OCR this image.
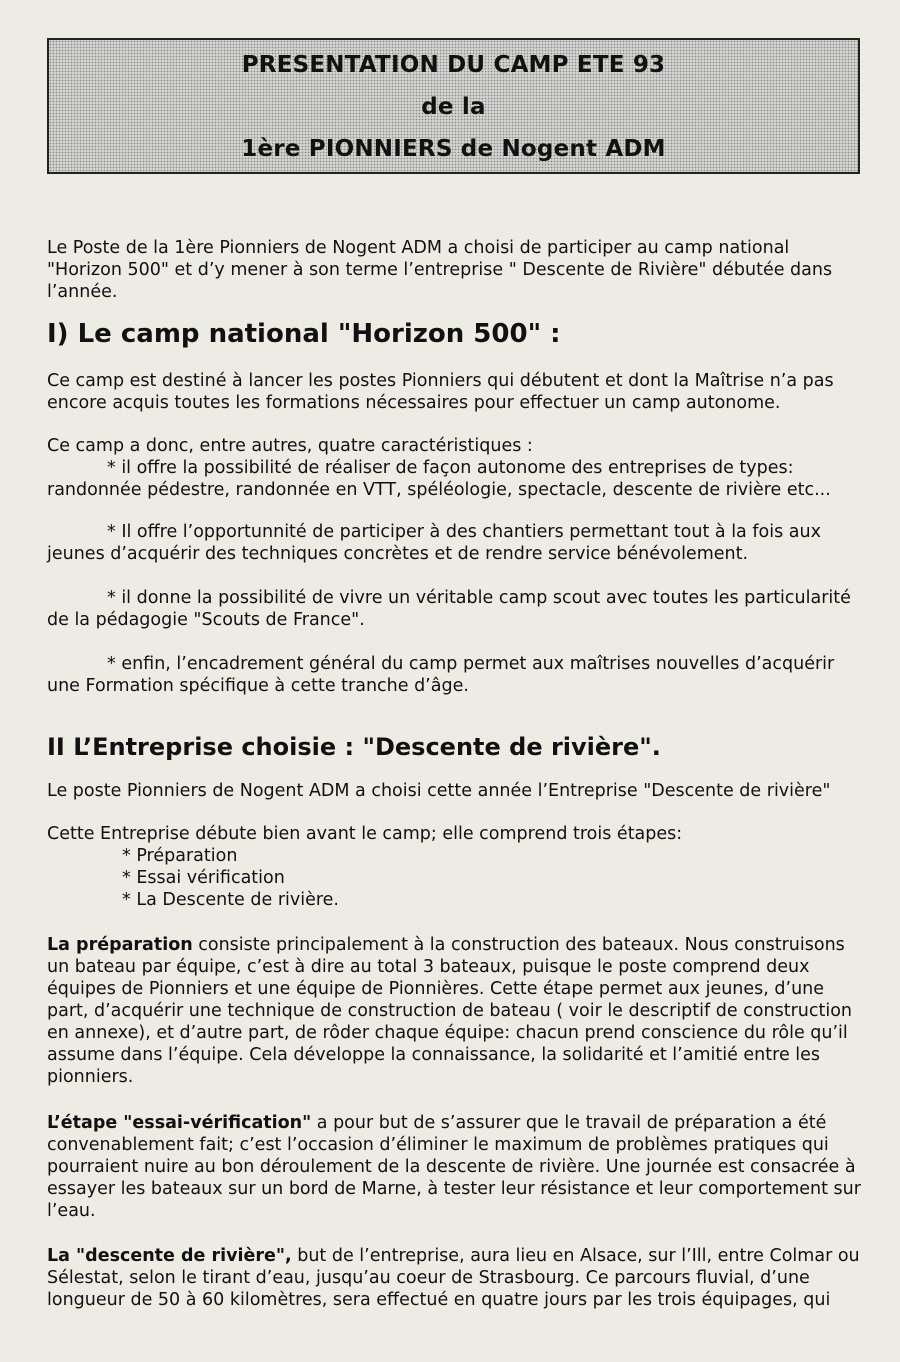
PRESENTATION DU CAMP ETE 93
de la
1ère PIONNIERS de Nogent ADM
Le Poste de la 1ère Pionniers de Nogent ADM a choisi de participer au camp national "Horizon 500" et d’y mener à son terme l’entreprise " Descente de Rivière" débutée dans l’année.
I) Le camp national "Horizon 500" :
Ce camp est destiné à lancer les postes Pionniers qui débutent et dont la Maîtrise n’a pas encore acquis toutes les formations nécessaires pour effectuer un camp autonome.
Ce camp a donc, entre autres, quatre caractéristiques :
* il offre la possibilité de réaliser de façon autonome des entreprises de types:
randonnée pédestre, randonnée en VTT, spéléologie, spectacle, descente de rivière etc...
* Il offre l’opportunnité de participer à des chantiers permettant tout à la fois aux
jeunes d’acquérir des techniques concrètes et de rendre service bénévolement.
* il donne la possibilité de vivre un véritable camp scout avec toutes les particularité
de la pédagogie "Scouts de France".
* enfin, l’encadrement général du camp permet aux maîtrises nouvelles d’acquérir
une Formation spécifique à cette tranche d’âge.
II L’Entreprise choisie : "Descente de rivière".
Le poste Pionniers de Nogent ADM a choisi cette année l’Entreprise "Descente de rivière"
Cette Entreprise débute bien avant le camp; elle comprend trois étapes:
* Préparation
* Essai vérification
* La Descente de rivière.
La préparation consiste principalement à la construction des bateaux. Nous construisons un bateau par équipe, c’est à dire au total 3 bateaux, puisque le poste comprend deux équipes de Pionniers et une équipe de Pionnières. Cette étape permet aux jeunes, d’une part, d’acquérir une technique de construction de bateau ( voir le descriptif de construction en annexe), et d’autre part, de rôder chaque équipe: chacun prend conscience du rôle qu’il assume dans l’équipe. Cela développe la connaissance, la solidarité et l’amitié entre les pionniers.
L’étape "essai-vérification" a pour but de s’assurer que le travail de préparation a été convenablement fait; c’est l’occasion d’éliminer le maximum de problèmes pratiques qui pourraient nuire au bon déroulement de la descente de rivière. Une journée est consacrée à essayer les bateaux sur un bord de Marne, à tester leur résistance et leur comportement sur l’eau.
La "descente de rivière", but de l’entreprise, aura lieu en Alsace, sur l’Ill, entre Colmar ou Sélestat, selon le tirant d’eau, jusqu’au coeur de Strasbourg. Ce parcours fluvial, d’une longueur de 50 à 60 kilomètres, sera effectué en quatre jours par les trois équipages, qui
